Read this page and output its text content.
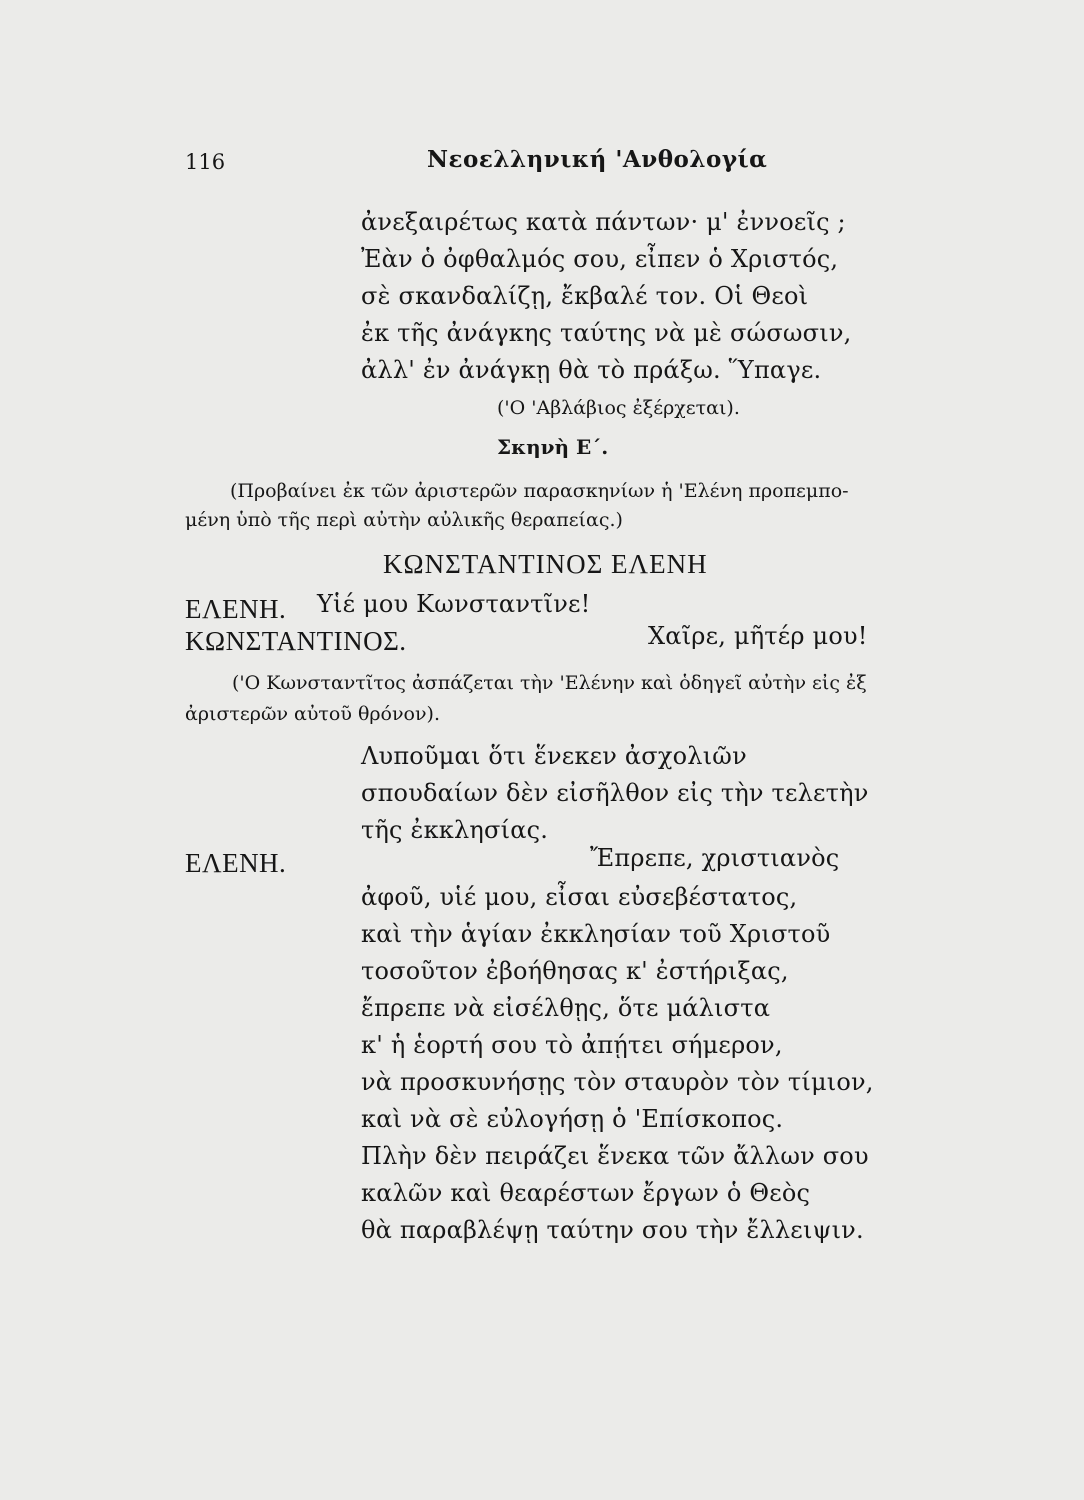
116	Νεοελληνική 'Ανθολογία
ἀνεξαιρέτως κατὰ πάντων· μ' ἐννοεῖς ;
Ἐὰν ὁ ὀφθαλμός σου, εἶπεν ὁ Χριστός,
σὲ σκανδαλίζῃ, ἔκβαλέ τον. Οἱ Θεοὶ
ἐκ τῆς ἀνάγκης ταύτης νὰ μὲ σώσωσιν,
ἀλλ' ἐν ἀνάγκῃ θὰ τὸ πράξω. Ὕπαγε.
('Ο 'Αβλάβιος ἐξέρχεται).
Σκηνὴ Ε΄.
(Προβαίνει ἐκ τῶν ἀριστερῶν παρασκηνίων ἡ 'Ελένη προπεμπο-
μένη ὑπὸ τῆς περὶ αὐτὴν αὐλικῆς θεραπείας.)
ΚΩΝΣΤΑΝΤΙΝΟΣ ΕΛΕΝΗ
ΕΛΕΝΗ. Υἱέ μου Κωνσταντῖνε!
ΚΩΝΣΤΑΝΤΙΝΟΣ.	Χαῖρε, μῆτέρ μου!
('Ο Κωνσταντῖτος ἀσπάζεται τὴν 'Ελένην καὶ ὁδηγεῖ αὐτὴν εἰς ἐξ
ἀριστερῶν αὐτοῦ θρόνον).
Λυποῦμαι ὅτι ἕνεκεν ἀσχολιῶν
σπουδαίων δὲν εἰσῆλθον εἰς τὴν τελετὴν
τῆς ἐκκλησίας.
ΕΛΕΝΗ.	Ἔπρεπε, χριστιανὸς
ἀφοῦ, υἱέ μου, εἶσαι εὐσεβέστατος,
καὶ τὴν ἁγίαν ἐκκλησίαν τοῦ Χριστοῦ
τοσοῦτον ἐβοήθησας κ' ἐστήριξας,
ἔπρεπε νὰ εἰσέλθῃς, ὅτε μάλιστα
κ' ἡ ἑορτή σου τὸ ἀπῄτει σήμερον,
νὰ προσκυνήσῃς τὸν σταυρὸν τὸν τίμιον,
καὶ νὰ σὲ εὐλογήσῃ ὁ 'Επίσκοπος.
Πλὴν δὲν πειράζει ἕνεκα τῶν ἄλλων σου
καλῶν καὶ θεαρέστων ἔργων ὁ Θεὸς
θὰ παραβλέψῃ ταύτην σου τὴν ἔλλειψιν.
